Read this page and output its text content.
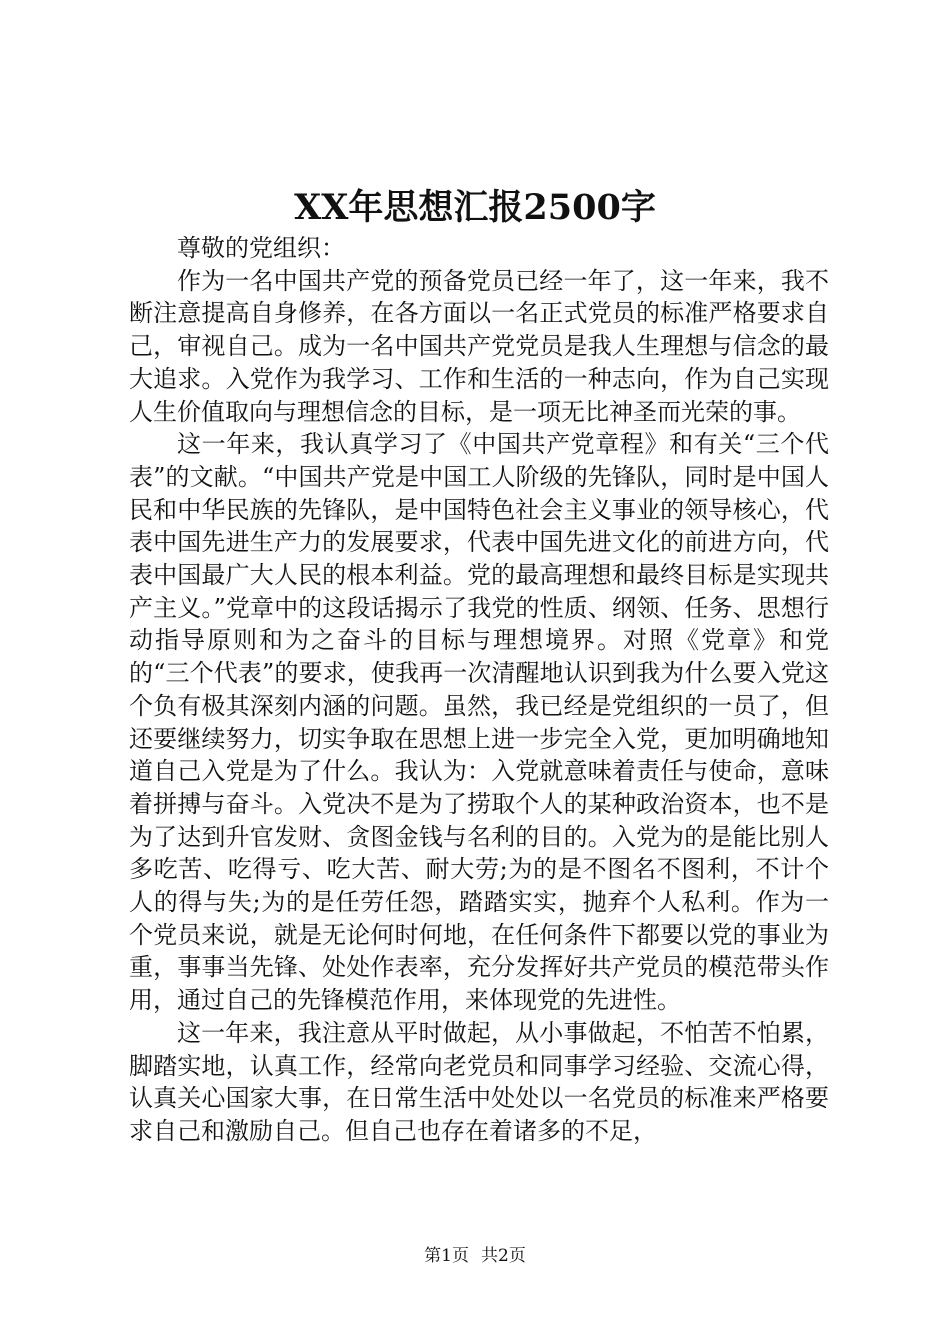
XX年思想汇报2500字

尊敬的党组织：

作为一名中国共产党的预备党员已经一年了，这一年来，我不断注意提高自身修养，在各方面以一名正式党员的标准严格要求自己，审视自己。成为一名中国共产党党员是我人生理想与信念的最大追求。入党作为我学习、工作和生活的一种志向，作为自己实现人生价值取向与理想信念的目标，是一项无比神圣而光荣的事。

这一年来，我认真学习了《中国共产党章程》和有关“三个代表”的文献。“中国共产党是中国工人阶级的先锋队，同时是中国人民和中华民族的先锋队，是中国特色社会主义事业的领导核心，代表中国先进生产力的发展要求，代表中国先进文化的前进方向，代表中国最广大人民的根本利益。党的最高理想和最终目标是实现共产主义。”党章中的这段话揭示了我党的性质、纲领、任务、思想行动指导原则和为之奋斗的目标与理想境界。对照《党章》和党的“三个代表”的要求，使我再一次清醒地认识到我为什么要入党这个负有极其深刻内涵的问题。虽然，我已经是党组织的一员了，但还要继续努力，切实争取在思想上进一步完全入党，更加明确地知道自己入党是为了什么。我认为：入党就意味着责任与使命，意味着拼搏与奋斗。入党决不是为了捞取个人的某种政治资本，也不是为了达到升官发财、贪图金钱与名利的目的。入党为的是能比别人多吃苦、吃得亏、吃大苦、耐大劳;为的是不图名不图利，不计个人的得与失;为的是任劳任怨，踏踏实实，抛弃个人私利。作为一个党员来说，就是无论何时何地，在任何条件下都要以党的事业为重，事事当先锋、处处作表率，充分发挥好共产党员的模范带头作用，通过自己的先锋模范作用，来体现党的先进性。

这一年来，我注意从平时做起，从小事做起，不怕苦不怕累，脚踏实地，认真工作，经常向老党员和同事学习经验、交流心得，认真关心国家大事，在日常生活中处处以一名党员的标准来严格要求自己和激励自己。但自己也存在着诸多的不足，

第1页 共2页
